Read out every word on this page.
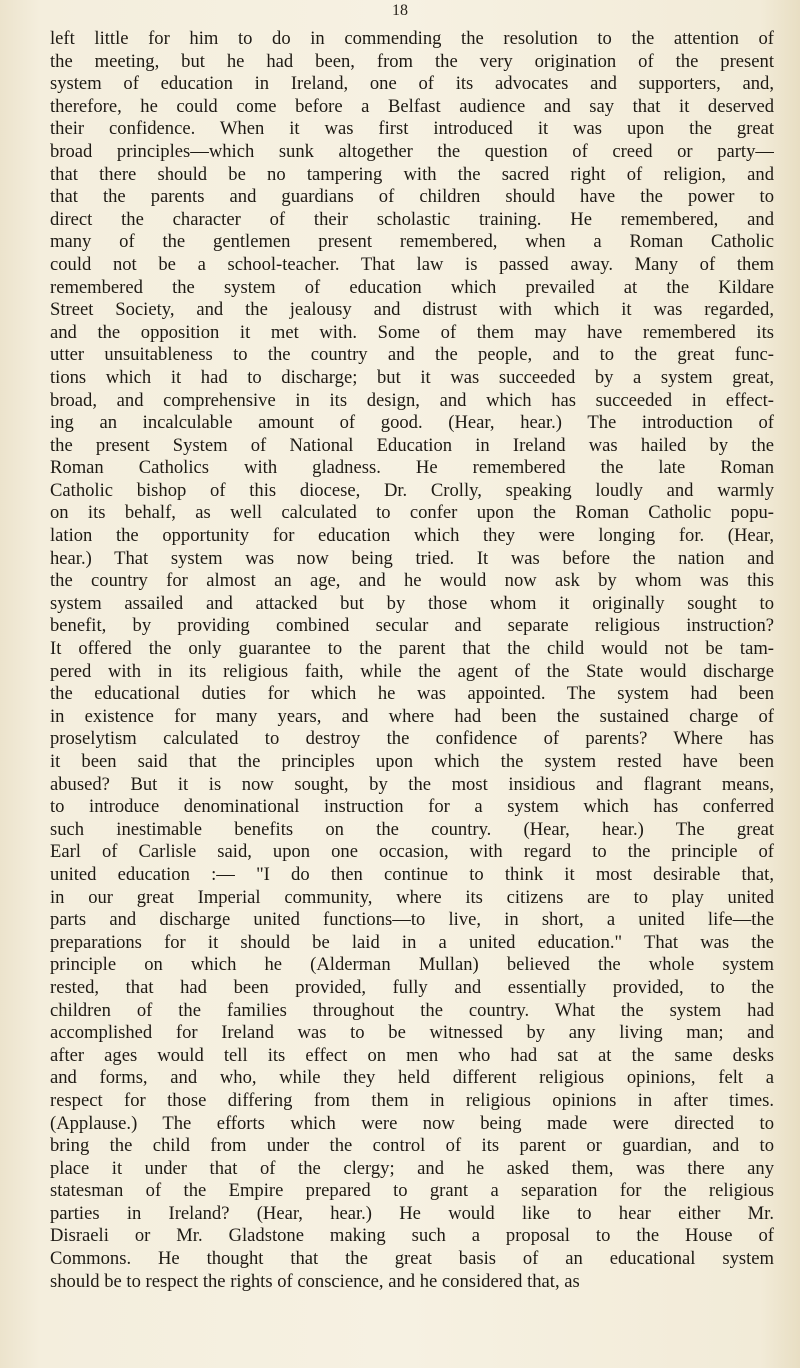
18
left little for him to do in commending the resolution to the attention of
the meeting, but he had been, from the very origination of the present
system of education in Ireland, one of its advocates and supporters, and,
therefore, he could come before a Belfast audience and say that it deserved
their confidence. When it was first introduced it was upon the great
broad principles—which sunk altogether the question of creed or party—
that there should be no tampering with the sacred right of religion, and
that the parents and guardians of children should have the power to
direct the character of their scholastic training. He remembered, and
many of the gentlemen present remembered, when a Roman Catholic
could not be a school-teacher. That law is passed away. Many of them
remembered the system of education which prevailed at the Kildare
Street Society, and the jealousy and distrust with which it was regarded,
and the opposition it met with. Some of them may have remembered its
utter unsuitableness to the country and the people, and to the great func-
tions which it had to discharge; but it was succeeded by a system great,
broad, and comprehensive in its design, and which has succeeded in effect-
ing an incalculable amount of good. (Hear, hear.) The introduction of
the present System of National Education in Ireland was hailed by the
Roman Catholics with gladness. He remembered the late Roman
Catholic bishop of this diocese, Dr. Crolly, speaking loudly and warmly
on its behalf, as well calculated to confer upon the Roman Catholic popu-
lation the opportunity for education which they were longing for. (Hear,
hear.) That system was now being tried. It was before the nation and
the country for almost an age, and he would now ask by whom was this
system assailed and attacked but by those whom it originally sought to
benefit, by providing combined secular and separate religious instruction?
It offered the only guarantee to the parent that the child would not be tam-
pered with in its religious faith, while the agent of the State would discharge
the educational duties for which he was appointed. The system had been
in existence for many years, and where had been the sustained charge of
proselytism calculated to destroy the confidence of parents? Where has
it been said that the principles upon which the system rested have been
abused? But it is now sought, by the most insidious and flagrant means,
to introduce denominational instruction for a system which has conferred
such inestimable benefits on the country. (Hear, hear.) The great
Earl of Carlisle said, upon one occasion, with regard to the principle of
united education :— "I do then continue to think it most desirable that,
in our great Imperial community, where its citizens are to play united
parts and discharge united functions—to live, in short, a united life—the
preparations for it should be laid in a united education." That was the
principle on which he (Alderman Mullan) believed the whole system
rested, that had been provided, fully and essentially provided, to the
children of the families throughout the country. What the system had
accomplished for Ireland was to be witnessed by any living man; and
after ages would tell its effect on men who had sat at the same desks
and forms, and who, while they held different religious opinions, felt a
respect for those differing from them in religious opinions in after times.
(Applause.) The efforts which were now being made were directed to
bring the child from under the control of its parent or guardian, and to
place it under that of the clergy; and he asked them, was there any
statesman of the Empire prepared to grant a separation for the religious
parties in Ireland? (Hear, hear.) He would like to hear either Mr.
Disraeli or Mr. Gladstone making such a proposal to the House of
Commons. He thought that the great basis of an educational system
should be to respect the rights of conscience, and he considered that, as
